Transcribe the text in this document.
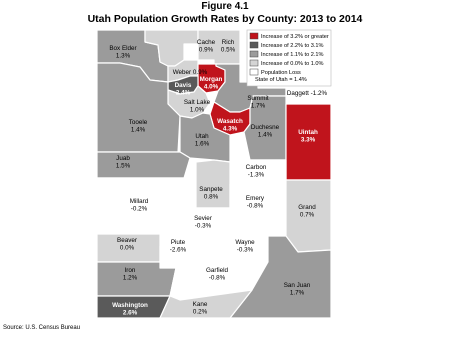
Figure 4.1
Utah Population Growth Rates by County: 2013 to 2014
Box Elder 1.3%
Cache 0.9%
Rich 0.5%
Weber 0.9%
Morgan 4.0%
Davis 2.4%
Salt Lake 1.0%
Summit 1.7%
Daggett -1.2%
Tooele 1.4%
Wasatch 4.3%
Utah 1.6%
Duchesne 1.4%	Uintah 3.3%
Juab 1.5%	Carbon -1.3%
Millard -0.2%
Sanpete 0.8%	Emery -0.8%	Grand 0.7%
Sevier -0.3%
Beaver 0.0%
Piute -2.6%
Wayne -0.3%
Iron 1.2%
Garfield -0.8%
San Juan 1.7%
Washington 2.6%
Kane 0.2%
Increase of 3.2% or greater
Increase of 2.2% to 3.1%
Increase of 1.1% to 2.1%
Increase of 0.0% to 1.0%
Population Loss
State of Utah = 1.4%
Source: U.S. Census Bureau
